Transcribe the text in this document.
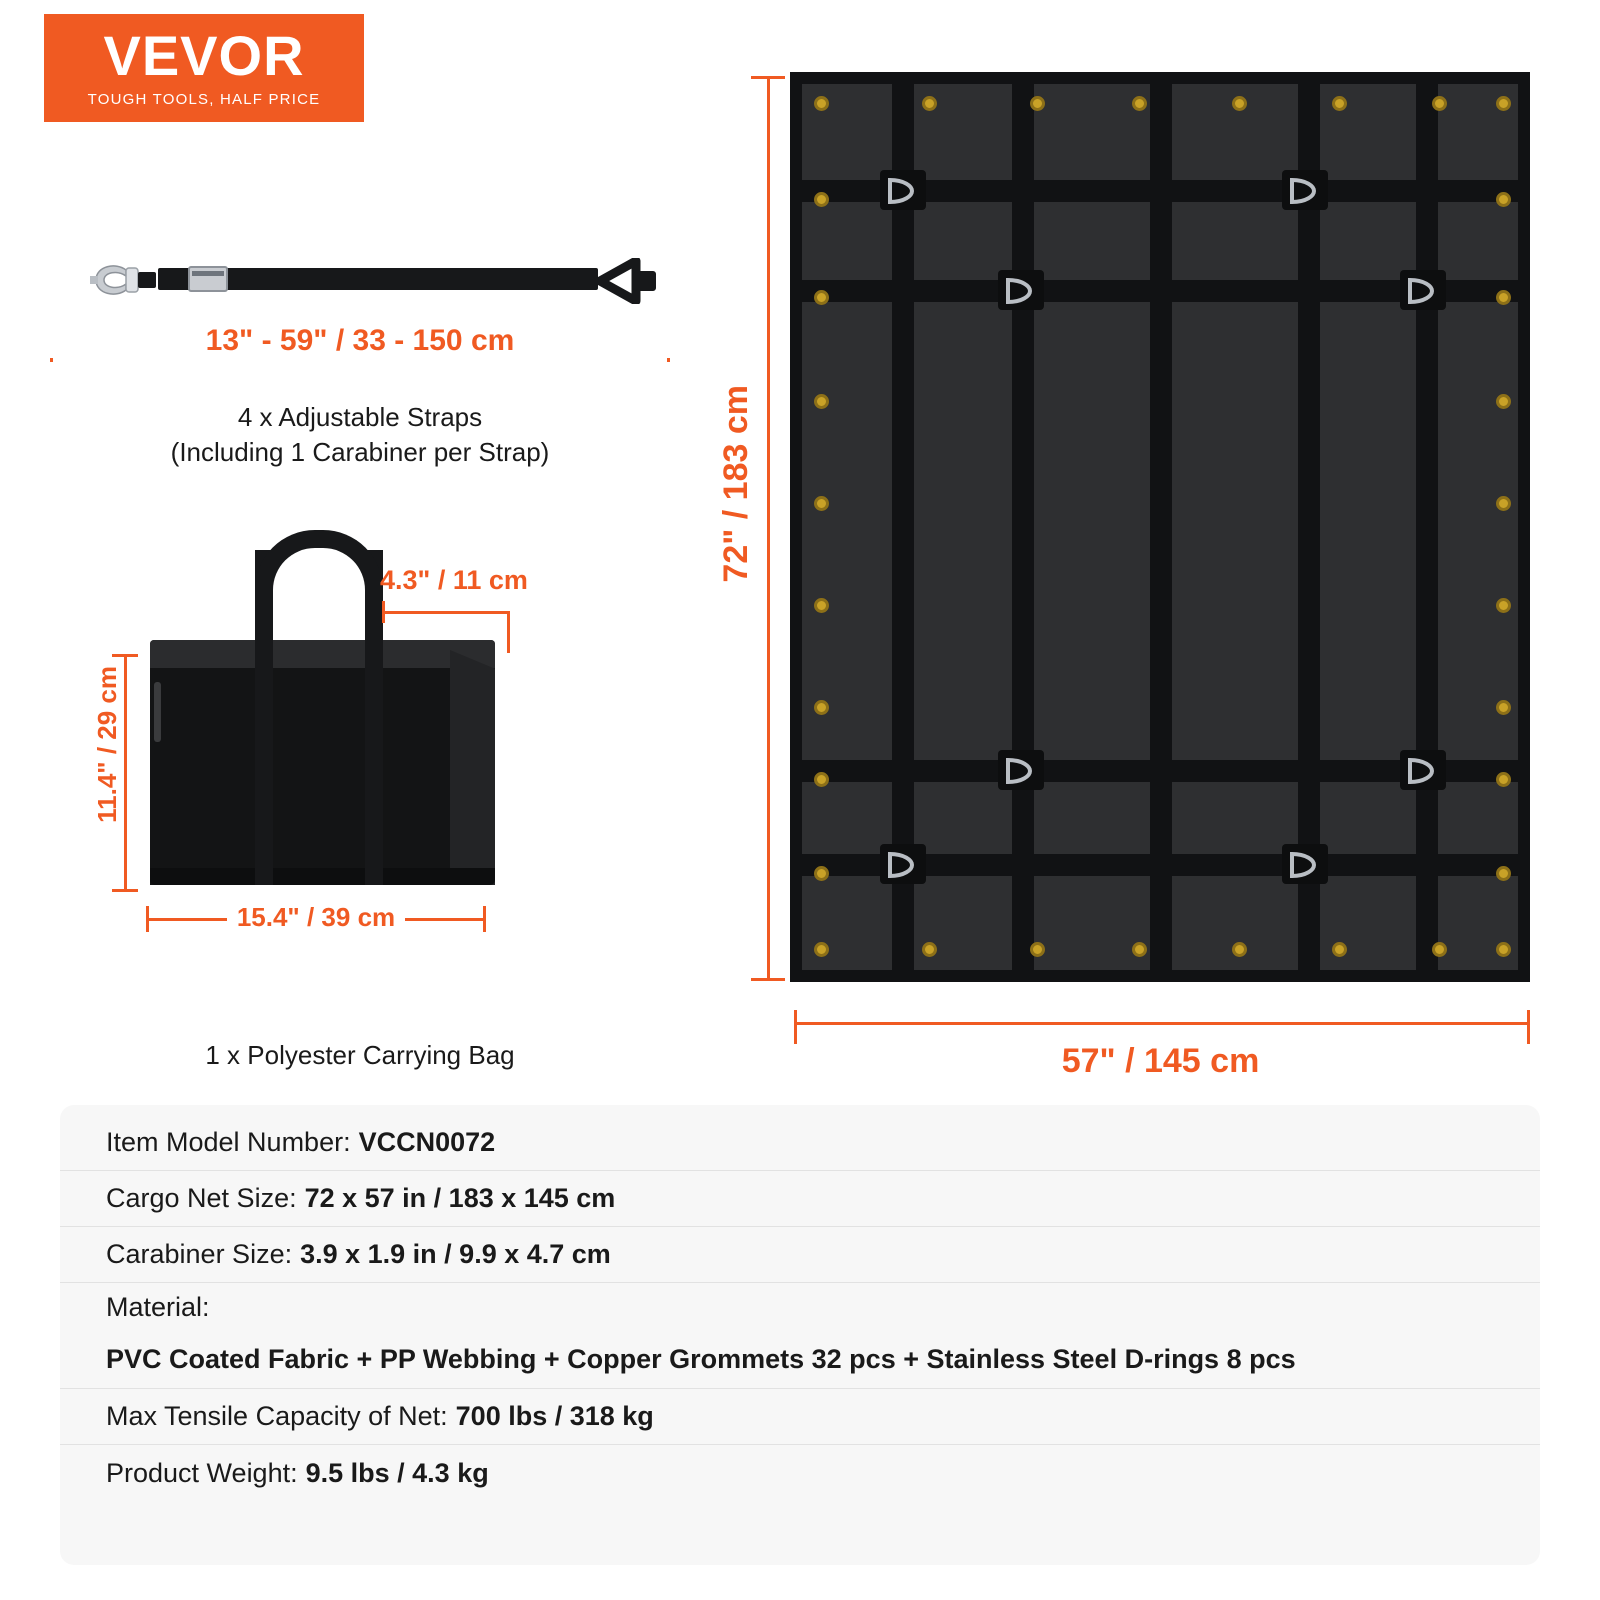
VEVOR
TOUGH TOOLS, HALF PRICE
13" - 59" / 33 - 150 cm
4 x Adjustable Straps
(Including 1 Carabiner per Strap)
4.3" / 11 cm
11.4" / 29 cm
15.4" / 39 cm
1 x Polyester Carrying Bag
72" / 183 cm
57" / 145 cm
Item Model Number: VCCN0072
Cargo Net Size: 72 x 57 in / 183 x 145 cm
Carabiner Size: 3.9 x 1.9 in / 9.9 x 4.7 cm
Material:
PVC Coated Fabric + PP Webbing + Copper Grommets 32 pcs + Stainless Steel D-rings 8 pcs
Max Tensile Capacity of Net: 700 lbs / 318 kg
Product Weight: 9.5 lbs / 4.3 kg
